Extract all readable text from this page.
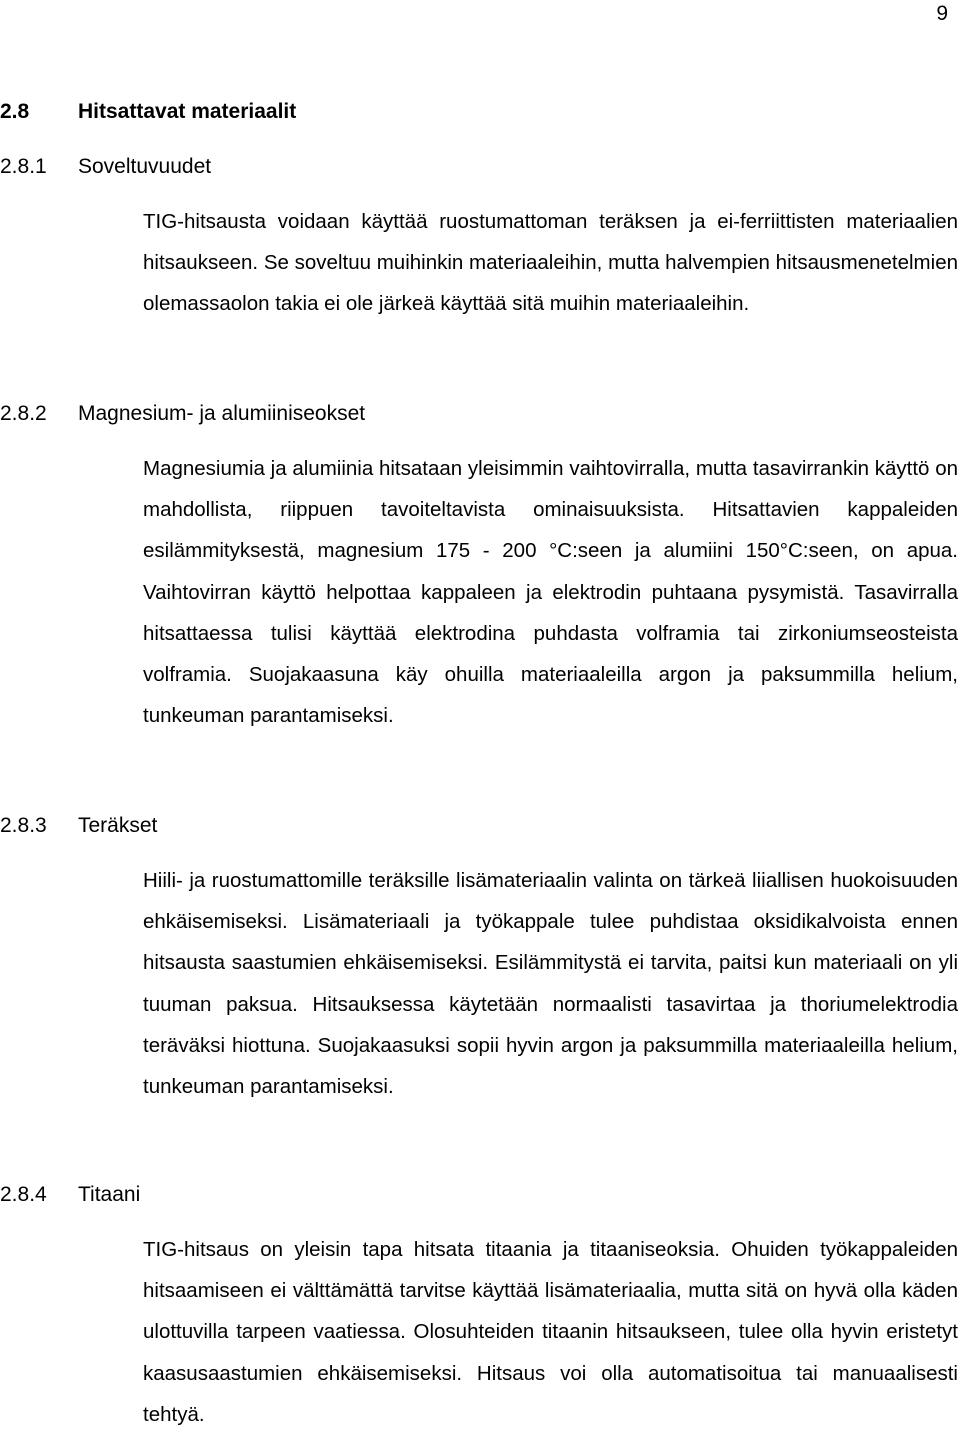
9
2.8 Hitsattavat materiaalit
2.8.1 Soveltuvuudet

TIG-hitsausta voidaan käyttää ruostumattoman teräksen ja ei-ferriittisten materiaalien hitsaukseen. Se soveltuu muihinkin materiaaleihin, mutta halvempien hitsausmenetelmien olemassaolon takia ei ole järkeä käyttää sitä muihin materiaaleihin.

2.8.2 Magnesium- ja alumiiniseokset

Magnesiumia ja alumiinia hitsataan yleisimmin vaihtovirralla, mutta tasavirrankin käyttö on mahdollista, riippuen tavoiteltavista ominaisuuksista. Hitsattavien kappaleiden esilämmityksestä, magnesium 175 - 200 °C:seen ja alumiini 150°C:seen, on apua. Vaihtovirran käyttö helpottaa kappaleen ja elektrodin puhtaana pysymistä. Tasavirralla hitsattaessa tulisi käyttää elektrodina puhdasta volframia tai zirkoniumseosteista volframia. Suojakaasuna käy ohuilla materiaaleilla argon ja paksummilla helium, tunkeuman parantamiseksi.

2.8.3 Teräkset

Hiili- ja ruostumattomille teräksille lisämateriaalin valinta on tärkeä liiallisen huokoisuuden ehkäisemiseksi. Lisämateriaali ja työkappale tulee puhdistaa oksidikalvoista ennen hitsausta saastumien ehkäisemiseksi. Esilämmitystä ei tarvita, paitsi kun materiaali on yli tuuman paksua. Hitsauksessa käytetään normaalisti tasavirtaa ja thoriumelektrodia teräväksi hiottuna. Suojakaasuksi sopii hyvin argon ja paksummilla materiaaleilla helium, tunkeuman parantamiseksi.

2.8.4 Titaani

TIG-hitsaus on yleisin tapa hitsata titaania ja titaaniseoksia. Ohuiden työkappaleiden hitsaamiseen ei välttämättä tarvitse käyttää lisämateriaalia, mutta sitä on hyvä olla käden ulottuvilla tarpeen vaatiessa. Olosuhteiden titaanin hitsaukseen, tulee olla hyvin eristetyt kaasusaastumien ehkäisemiseksi. Hitsaus voi olla automatisoitua tai manuaalisesti tehtyä.
